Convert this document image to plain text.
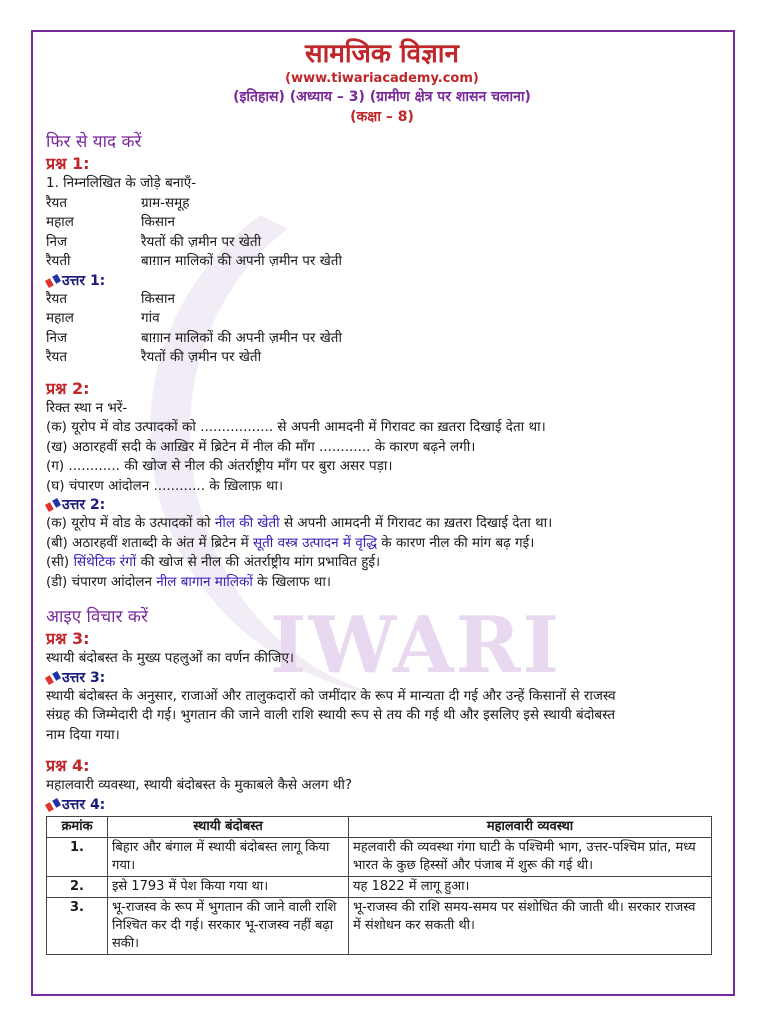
IWARI
सामजिक विज्ञान
(www.tiwariacademy.com)
(इतिहास) (अध्याय – 3) (ग्रामीण क्षेत्र पर शासन चलाना)
(कक्षा – 8)
फिर से याद करें
प्रश्न 1:
1. निम्नलिखित के जोड़े बनाएँ-
रैयत	ग्राम-समूह
महाल	किसान
निज	रैयतों की ज़मीन पर खेती
रैयती	बाग़ान मालिकों की अपनी ज़मीन पर खेती
उत्तर 1:
रैयत	किसान
महाल	गांव
निज	बाग़ान मालिकों की अपनी ज़मीन पर खेती
रैयत	रैयतों की ज़मीन पर खेती
प्रश्न 2:
रिक्त स्था न भरें-
(क) यूरोप में वोड उत्पादकों को ................. से अपनी आमदनी में गिरावट का ख़तरा दिखाई देता था।
(ख) अठारहवीं सदी के आख़िर में ब्रिटेन में नील की माँग ............ के कारण बढ़ने लगी।
(ग) ............ की खोज से नील की अंतर्राष्ट्रीय माँग पर बुरा असर पड़ा।
(घ) चंपारण आंदोलन ............ के ख़िलाफ़ था।
उत्तर 2:
(क) यूरोप में वोड के उत्पादकों को नील की खेती से अपनी आमदनी में गिरावट का ख़तरा दिखाई देता था।
(बी) अठारहवीं शताब्दी के अंत में ब्रिटेन में सूती वस्त्र उत्पादन में वृद्धि के कारण नील की मांग बढ़ गई।
(सी) सिंथेटिक रंगों की खोज से नील की अंतर्राष्ट्रीय मांग प्रभावित हुई।
(डी) चंपारण आंदोलन नील बागान मालिकों के खिलाफ था।
आइए विचार करें
प्रश्न 3:
स्थायी बंदोबस्त के मुख्य पहलुओं का वर्णन कीजिए।
उत्तर 3:
स्थायी बंदोबस्त के अनुसार, राजाओं और तालुकदारों को जमींदार के रूप में मान्यता दी गई और उन्हें किसानों से राजस्व
संग्रह की जिम्मेदारी दी गई। भुगतान की जाने वाली राशि स्थायी रूप से तय की गई थी और इसलिए इसे स्थायी बंदोबस्त
नाम दिया गया।
प्रश्न 4:
महालवारी व्यवस्था, स्थायी बंदोबस्त के मुकाबले कैसे अलग थी?
उत्तर 4:
क्रमांक	स्थायी बंदोबस्त	महालवारी व्यवस्था
1.	बिहार और बंगाल में स्थायी बंदोबस्त लागू किया गया।	महलवारी की व्यवस्था गंगा घाटी के पश्चिमी भाग, उत्तर-पश्चिम प्रांत, मध्य भारत के कुछ हिस्सों और पंजाब में शुरू की गई थी।
2.	इसे 1793 में पेश किया गया था।	यह 1822 में लागू हुआ।
3.	भू-राजस्व के रूप में भुगतान की जाने वाली राशि निश्चित कर दी गई। सरकार भू-राजस्व नहीं बढ़ा सकी।	भू-राजस्व की राशि समय-समय पर संशोधित की जाती थी। सरकार राजस्व में संशोधन कर सकती थी।
